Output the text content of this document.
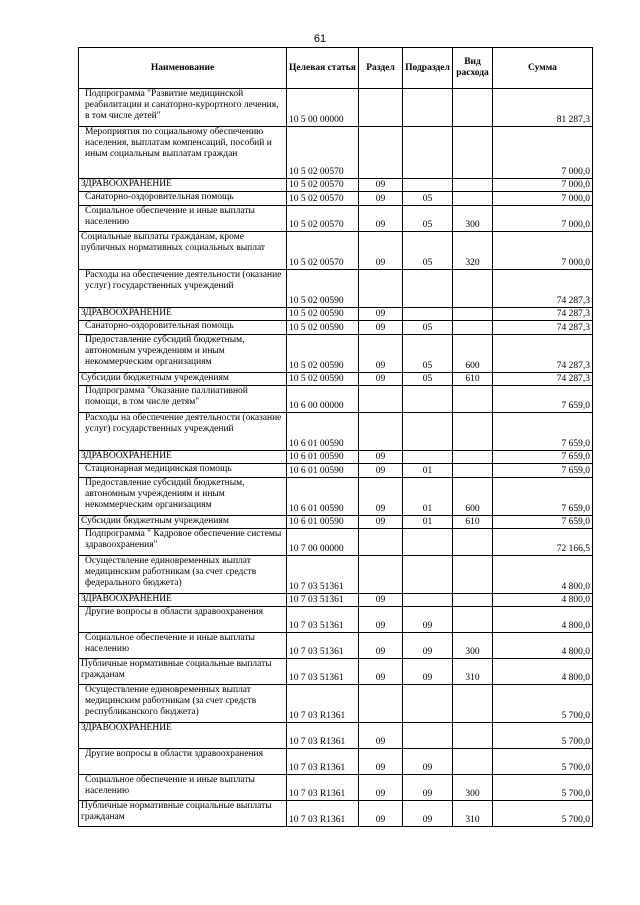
61
Наименование	Целевая статья	Раздел	Подраздел	Вид расхода	Сумма
Подпрограмма "Развитие медицинской реабилитации и санаторно-курортного лечения, в том числе детей"	10 5 00 00000				81 287,3
Мероприятия по социальному обеспечению населения, выплатам компенсаций, пособий и иным социальным выплатам граждан	10 5 02 00570				7 000,0
ЗДРАВООХРАНЕНИЕ	10 5 02 00570	09			7 000,0
Санаторно-оздоровительная помощь	10 5 02 00570	09	05		7 000,0
Социальное обеспечение и иные выплаты населению	10 5 02 00570	09	05	300	7 000,0
Социальные выплаты гражданам, кроме публичных нормативных социальных выплат	10 5 02 00570	09	05	320	7 000,0
Расходы на обеспечение деятельности (оказание услуг) государственных учреждений	10 5 02 00590				74 287,3
ЗДРАВООХРАНЕНИЕ	10 5 02 00590	09			74 287,3
Санаторно-оздоровительная помощь	10 5 02 00590	09	05		74 287,3
Предоставление субсидий бюджетным, автономным учреждениям и иным некоммерческим организациям	10 5 02 00590	09	05	600	74 287,3
Субсидии бюджетным учреждениям	10 5 02 00590	09	05	610	74 287,3
Подпрограмма "Оказание паллиативной помощи, в том числе детям"	10 6 00 00000				7 659,0
Расходы на обеспечение деятельности (оказание услуг) государственных учреждений	10 6 01 00590				7 659,0
ЗДРАВООХРАНЕНИЕ	10 6 01 00590	09			7 659,0
Стационарная медицинская помощь	10 6 01 00590	09	01		7 659,0
Предоставление субсидий бюджетным, автономным учреждениям и иным некоммерческим организациям	10 6 01 00590	09	01	600	7 659,0
Субсидии бюджетным учреждениям	10 6 01 00590	09	01	610	7 659,0
Подпрограмма " Кадровое обеспечение системы здравоохранения"	10 7 00 00000				72 166,5
Осуществление единовременных выплат медицинским работникам (за счет средств федерального бюджета)	10 7 03 51361				4 800,0
ЗДРАВООХРАНЕНИЕ	10 7 03 51361	09			4 800,0
Другие вопросы в области здравоохранения	10 7 03 51361	09	09		4 800,0
Социальное обеспечение и иные выплаты населению	10 7 03 51361	09	09	300	4 800,0
Публичные нормативные социальные выплаты гражданам	10 7 03 51361	09	09	310	4 800,0
Осуществление единовременных выплат медицинским работникам (за счет средств республиканского бюджета)	10 7 03 R1361				5 700,0
ЗДРАВООХРАНЕНИЕ	10 7 03 R1361	09			5 700,0
Другие вопросы в области здравоохранения	10 7 03 R1361	09	09		5 700,0
Социальное обеспечение и иные выплаты населению	10 7 03 R1361	09	09	300	5 700,0
Публичные нормативные социальные выплаты гражданам	10 7 03 R1361	09	09	310	5 700,0
